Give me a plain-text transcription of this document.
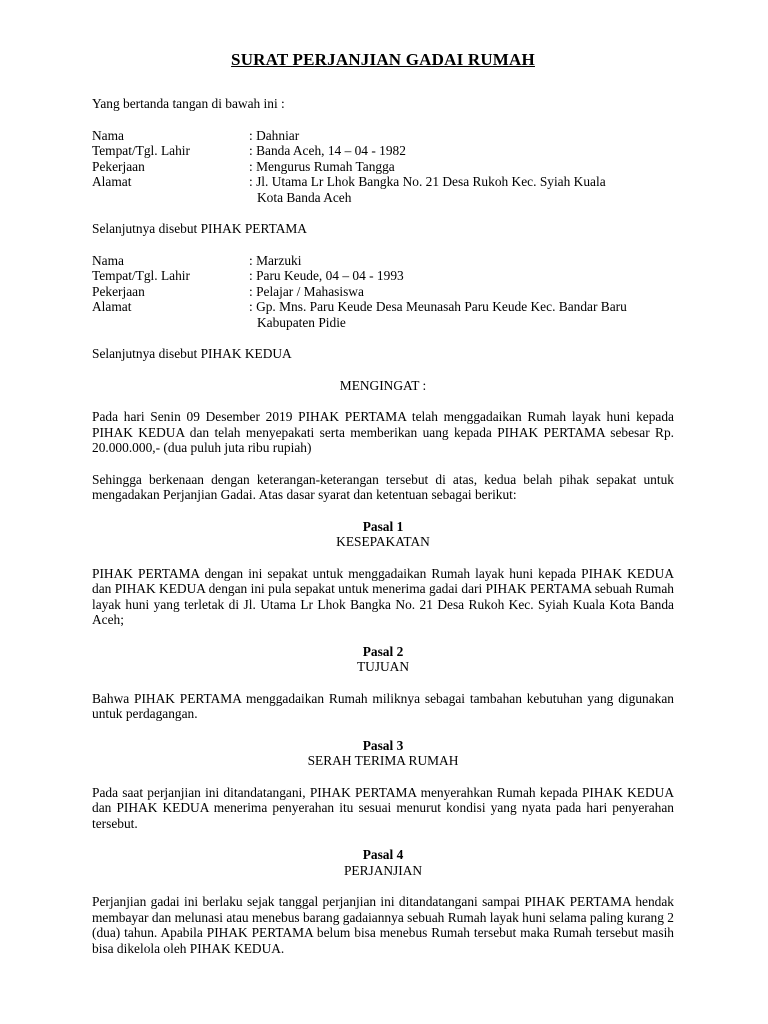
SURAT PERJANJIAN GADAI RUMAH

Yang bertanda tangan di bawah ini :

Nama	: Dahniar
Tempat/Tgl. Lahir	: Banda Aceh, 14 – 04 - 1982
Pekerjaan	: Mengurus Rumah Tangga
Alamat	: Jl. Utama Lr Lhok Bangka No. 21 Desa Rukoh Kec. Syiah Kuala
Kota Banda Aceh

Selanjutnya disebut PIHAK PERTAMA

Nama	: Marzuki
Tempat/Tgl. Lahir	: Paru Keude, 04 – 04 - 1993
Pekerjaan	: Pelajar / Mahasiswa
Alamat	: Gp. Mns. Paru Keude Desa Meunasah Paru Keude Kec. Bandar Baru
Kabupaten Pidie

Selanjutnya disebut PIHAK KEDUA

MENGINGAT :

Pada hari Senin 09 Desember 2019 PIHAK PERTAMA telah menggadaikan Rumah layak huni kepada PIHAK KEDUA dan telah menyepakati serta memberikan uang kepada PIHAK PERTAMA sebesar Rp. 20.000.000,- (dua puluh juta ribu rupiah)

Sehingga berkenaan dengan keterangan-keterangan tersebut di atas, kedua belah pihak sepakat untuk mengadakan Perjanjian Gadai. Atas dasar syarat dan ketentuan sebagai berikut:

Pasal 1

KESEPAKATAN

PIHAK PERTAMA dengan ini sepakat untuk menggadaikan Rumah layak huni kepada PIHAK KEDUA dan PIHAK KEDUA dengan ini pula sepakat untuk menerima gadai dari PIHAK PERTAMA sebuah Rumah layak huni yang terletak di Jl. Utama Lr Lhok Bangka No. 21 Desa Rukoh Kec. Syiah Kuala Kota Banda Aceh;

Pasal 2

TUJUAN

Bahwa PIHAK PERTAMA menggadaikan Rumah miliknya sebagai tambahan kebutuhan yang digunakan untuk perdagangan.

Pasal 3

SERAH TERIMA RUMAH

Pada saat perjanjian ini ditandatangani, PIHAK PERTAMA menyerahkan Rumah kepada PIHAK KEDUA dan PIHAK KEDUA menerima penyerahan itu sesuai menurut kondisi yang nyata pada hari penyerahan tersebut.

Pasal 4

PERJANJIAN

Perjanjian gadai ini berlaku sejak tanggal perjanjian ini ditandatangani sampai PIHAK PERTAMA hendak membayar dan melunasi atau menebus barang gadaiannya sebuah Rumah layak huni selama paling kurang 2 (dua) tahun. Apabila PIHAK PERTAMA belum bisa menebus Rumah tersebut maka Rumah tersebut masih bisa dikelola oleh PIHAK KEDUA.
